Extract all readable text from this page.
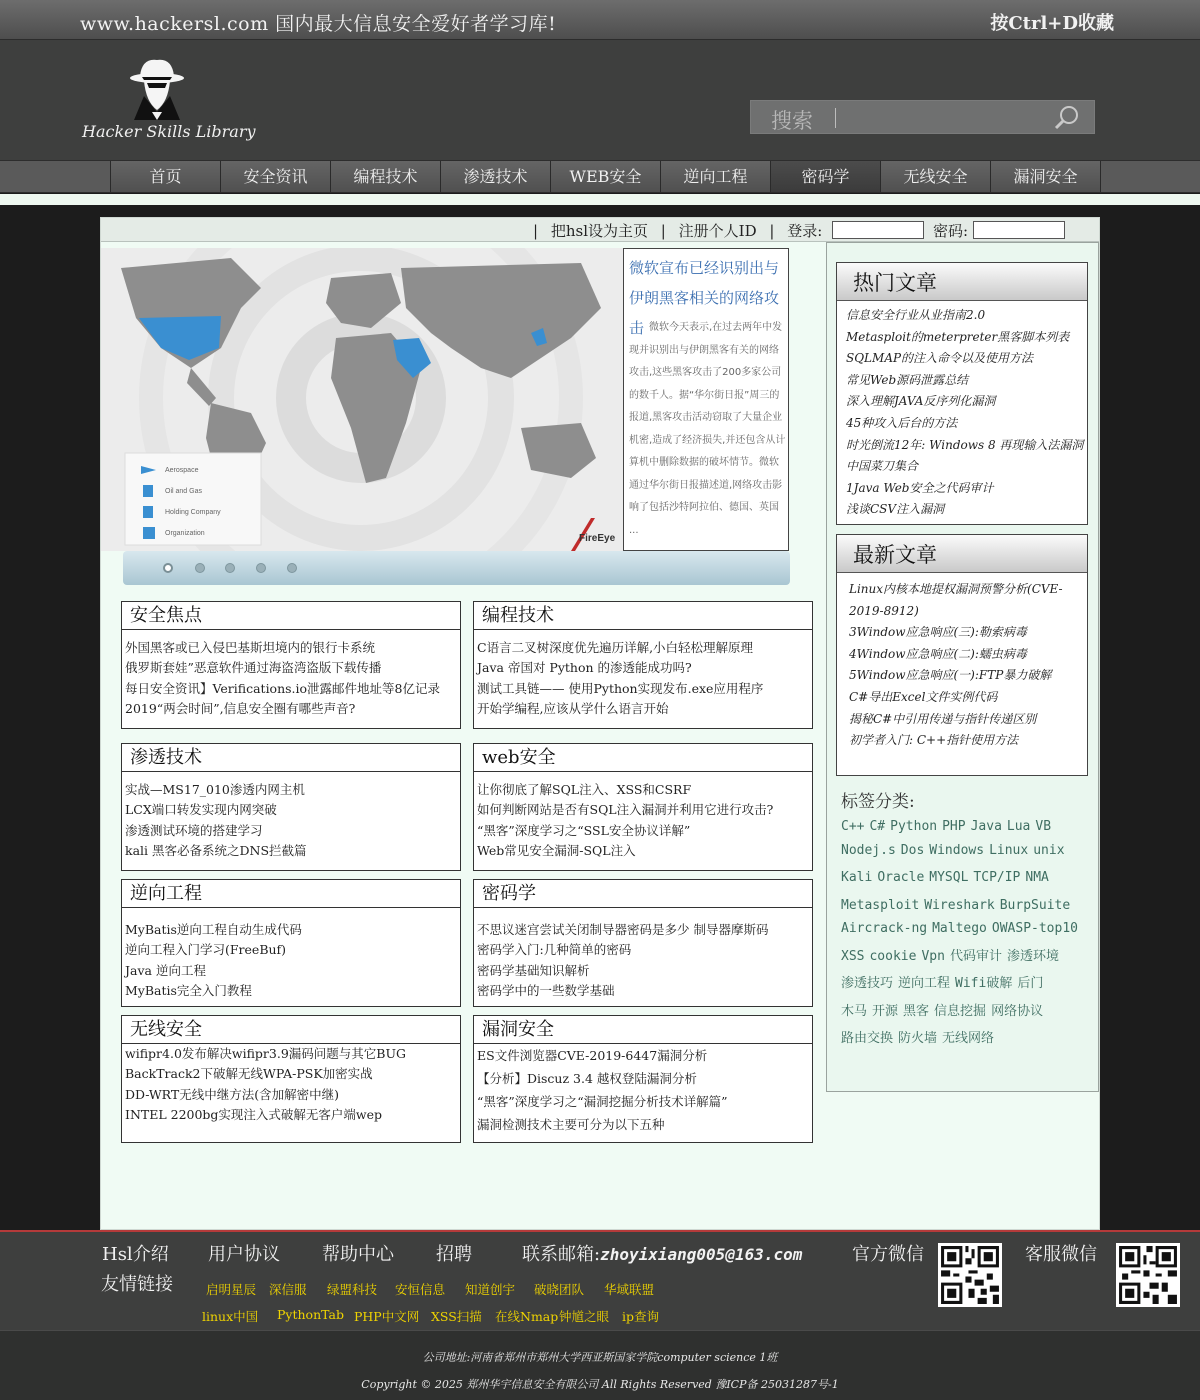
www.hackersl.com 国内最大信息安全爱好者学习库!	按Ctrl+D收藏
Hacker Skills Library	搜索
首页	安全资讯	编程技术	渗透技术	WEB安全	逆向工程	密码学	无线安全	漏洞安全
| 把hsl设为主页 | 注册个人ID | 登录:	密码:
Aerospace
Oil and Gas
Holding Company
Organization	FireEye
微软宣布已经识别出与伊朗黑客相关的网络攻击 微软今天表示,在过去两年中发现并识别出与伊朗黑客有关的网络攻击,这些黑客攻击了200多家公司的数千人。据“华尔街日报”周三的报道,黑客攻击活动窃取了大量企业机密,造成了经济损失,并还包含从计算机中删除数据的破坏情节。微软通过华尔街日报描述道,网络攻击影响了包括沙特阿拉伯、德国、英国 ...
安全焦点
外国黑客或已入侵巴基斯坦境内的银行卡系统
俄罗斯套娃”恶意软件通过海盗湾盗版下载传播
每日安全资讯】Verifications.io泄露邮件地址等8亿记录
2019“两会时间”,信息安全圈有哪些声音?
编程技术
C语言二叉树深度优先遍历详解,小白轻松理解原理
Java 帝国对 Python 的渗透能成功吗?
测试工具链—— 使用Python实现发布.exe应用程序
开始学编程,应该从学什么语言开始
渗透技术
实战—MS17_010渗透内网主机
LCX端口转发实现内网突破
渗透测试环境的搭建学习
kali 黑客必备系统之DNS拦截篇
web安全
让你彻底了解SQL注入、XSS和CSRF
如何判断网站是否有SQL注入漏洞并利用它进行攻击?
“黑客”深度学习之“SSL安全协议详解”
Web常见安全漏洞-SQL注入
逆向工程
MyBatis逆向工程自动生成代码
逆向工程入门学习(FreeBuf)
Java 逆向工程
MyBatis完全入门教程
密码学
不思议迷宫尝试关闭制导器密码是多少 制导器摩斯码
密码学入门:几种简单的密码
密码学基础知识解析
密码学中的一些数学基础
无线安全
wifipr4.0发布解决wifipr3.9漏码问题与其它BUG
BackTrack2下破解无线WPA-PSK加密实战
DD-WRT无线中继方法(含加解密中继)
INTEL 2200bg实现注入式破解无客户端wep
漏洞安全
ES文件浏览器CVE-2019-6447漏洞分析
【分析】Discuz 3.4 越权登陆漏洞分析
“黑客”深度学习之“漏洞挖掘分析技术详解篇”
漏洞检测技术主要可分为以下五种
热门文章
信息安全行业从业指南2.0
Metasploit的meterpreter黑客脚本列表
SQLMAP的注入命令以及使用方法
常见Web源码泄露总结
深入理解JAVA反序列化漏洞
45种攻入后台的方法
时光倒流12年: Windows 8 再现输入法漏洞
中国菜刀集合
1Java Web安全之代码审计
浅谈CSV注入漏洞
最新文章
Linux内核本地提权漏洞预警分析(CVE-
2019-8912)
3Window应急响应(三):勒索病毒
4Window应急响应(二):蠕虫病毒
5Window应急响应(一):FTP暴力破解
C#导出Excel文件实例代码
揭秘C#中引用传递与指针传递区别
初学者入门: C++指针使用方法
标签分类:
C++ C# Python PHP Java Lua VB
Nodej.s Dos Windows Linux unix
Kali Oracle MYSQL TCP/IP NMA
Metasploit Wireshark BurpSuite
Aircrack-ng Maltego OWASP-top10
XSS cookie Vpn 代码审计 渗透环境
渗透技巧 逆向工程 Wifi破解 后门
木马 开源 黑客 信息挖掘 网络协议
路由交换 防火墙 无线网络
Hsl介绍 用户协议 帮助中心 招聘	联系邮箱:zhoyixiang005@163.com	官方微信	客服微信
友情链接	启明星辰 深信服 绿盟科技 安恒信息 知道创宇 破晓团队 华域联盟
linux中国 PythonTab PHP中文网 XSS扫描 在线Nmap 钟馗之眼 ip查询
公司地址:河南省郑州市郑州大学西亚斯国家学院computer science 1班
Copyright © 2025 郑州华宇信息安全有限公司 All Rights Reserved 豫ICP备 25031287号-1
